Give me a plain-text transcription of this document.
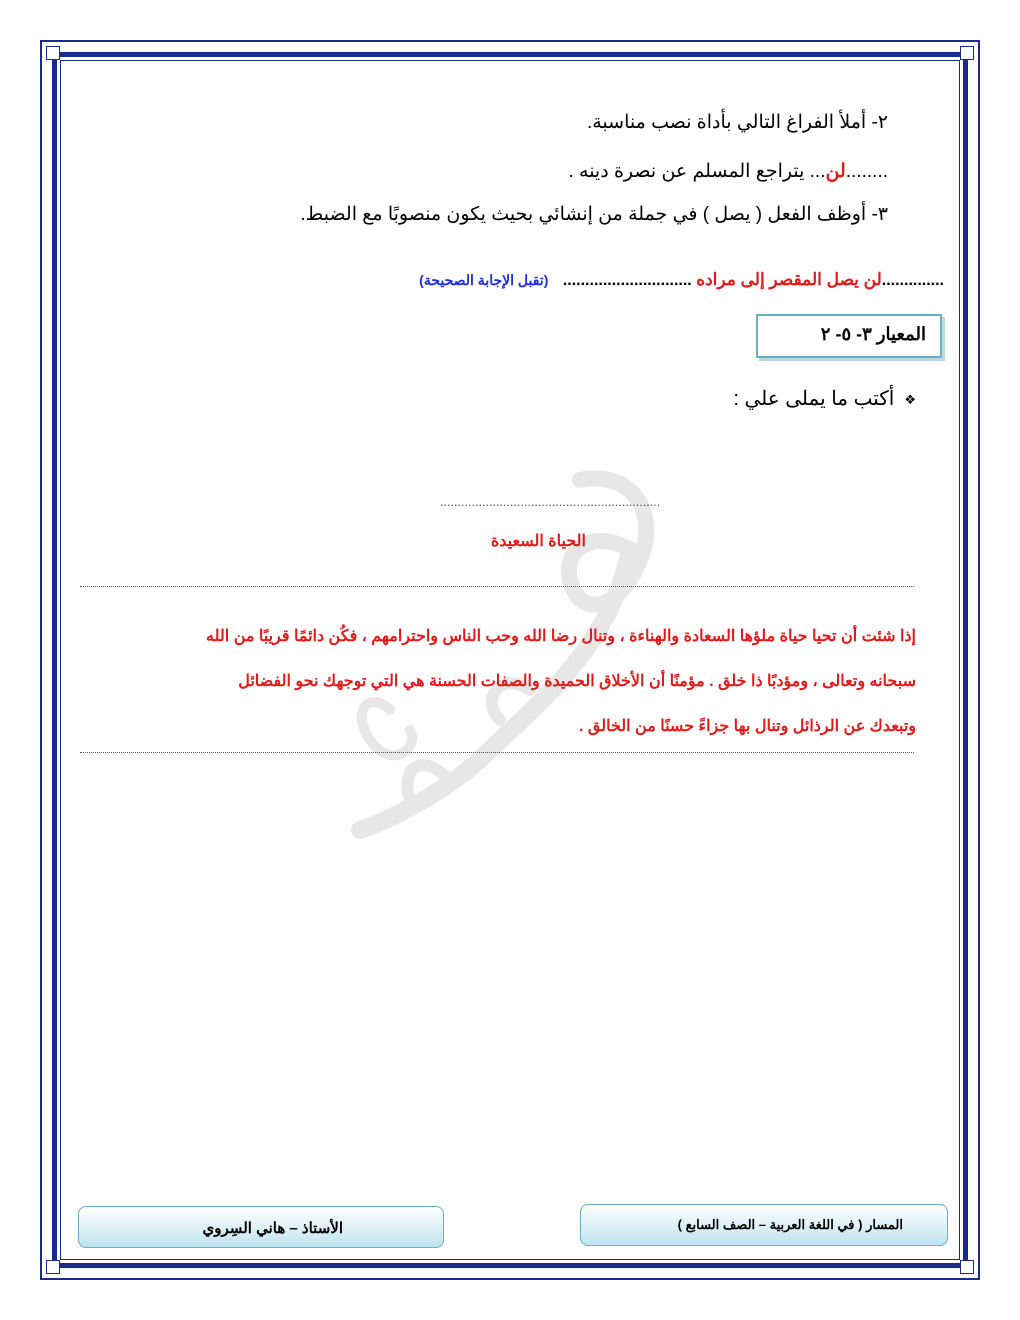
٢- أملأ الفراغ التالي بأداة نصب مناسبة.
........لن... يتراجع المسلم عن نصرة دينه .
٣- أوظف الفعل ( يصل ) في جملة من إنشائي بحيث يكون منصوبًا مع الضبط.
..............لن يصل المقصر إلى مراده ............................. (تقبل الإجابة الصحيحة)
المعيار ٣- ٥- ٢
❖أكتب ما يملى علي :
...............................................................
الحياة السعيدة
إذا شئت أن تحيا حياة ملؤها السعادة والهناءة ، وتنال رضا الله وحب الناس واحترامهم ، فكُن دائمًا قريبًا من الله
سبحانه وتعالى ، ومؤدبًا ذا خلق . مؤمنًا أن الأخلاق الحميدة والصفات الحسنة هي التي توجهك نحو الفضائل
وتبعدك عن الرذائل وتنال بها جزاءً حسنًا من الخالق .
الأستاذ – هاني السِروي	المسار ( في اللغة العربية – الصف السابع )
